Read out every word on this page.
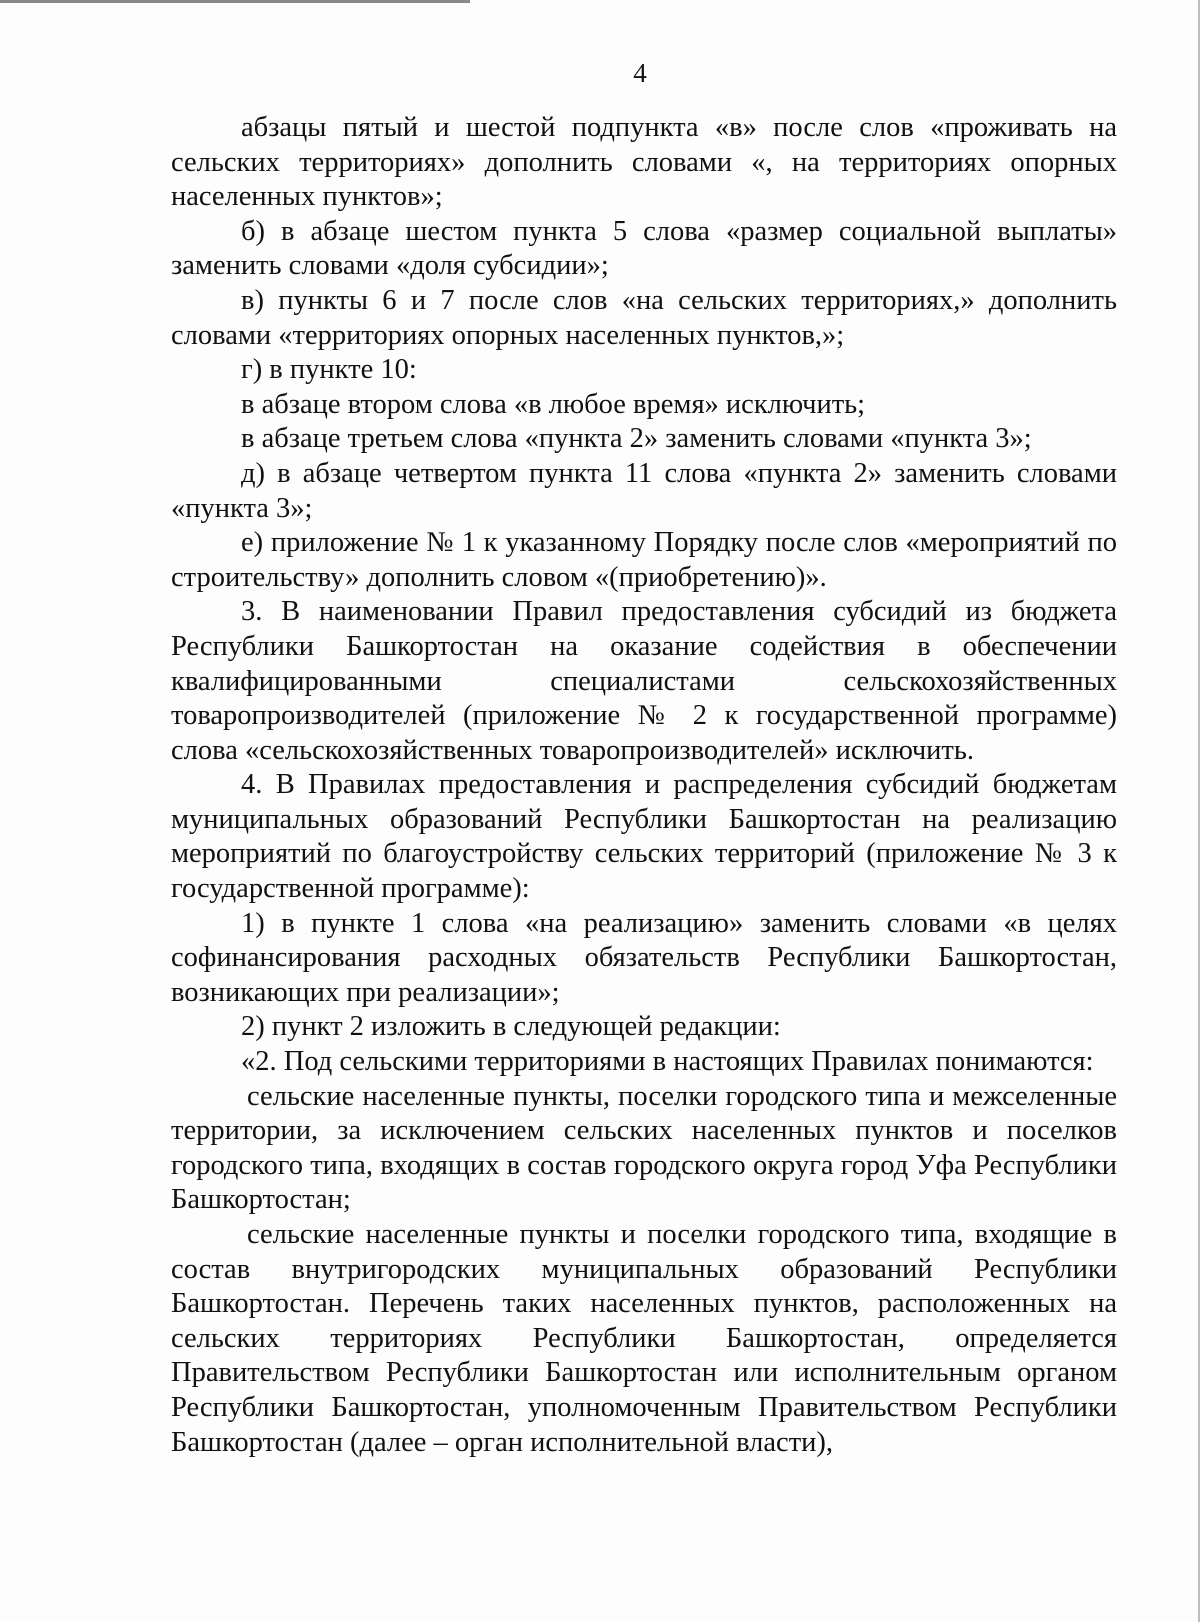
4

абзацы пятый и шестой подпункта «в» после слов «проживать на сельских территориях» дополнить словами «, на территориях опорных населенных пунктов»;

б) в абзаце шестом пункта 5 слова «размер социальной выплаты» заменить словами «доля субсидии»;

в) пункты 6 и 7 после слов «на сельских территориях,» дополнить словами «территориях опорных населенных пунктов,»;

г) в пункте 10:

в абзаце втором слова «в любое время» исключить;

в абзаце третьем слова «пункта 2» заменить словами «пункта 3»;

д) в абзаце четвертом пункта 11 слова «пункта 2» заменить словами «пункта 3»;

е) приложение № 1 к указанному Порядку после слов «мероприятий по строительству» дополнить словом «(приобретению)».

3. В наименовании Правил предоставления субсидий из бюджета Республики Башкортостан на оказание содействия в обеспечении квалифицированными специалистами сельскохозяйственных товаропроизводителей (приложение № 2 к государственной программе) слова «сельскохозяйственных товаропроизводителей» исключить.

4. В Правилах предоставления и распределения субсидий бюджетам муниципальных образований Республики Башкортостан на реализацию мероприятий по благоустройству сельских территорий (приложение № 3 к государственной программе):

1) в пункте 1 слова «на реализацию» заменить словами «в целях софинансирования расходных обязательств Республики Башкортостан, возникающих при реализации»;

2) пункт 2 изложить в следующей редакции:

«2. Под сельскими территориями в настоящих Правилах понимаются:

сельские населенные пункты, поселки городского типа и межселенные территории, за исключением сельских населенных пунктов и поселков городского типа, входящих в состав городского округа город Уфа Республики Башкортостан;

сельские населенные пункты и поселки городского типа, входящие в состав внутригородских муниципальных образований Республики Башкортостан. Перечень таких населенных пунктов, расположенных на сельских территориях Республики Башкортостан, определяется Правительством Республики Башкортостан или исполнительным органом Республики Башкортостан, уполномоченным Правительством Республики Башкортостан (далее – орган исполнительной власти),
